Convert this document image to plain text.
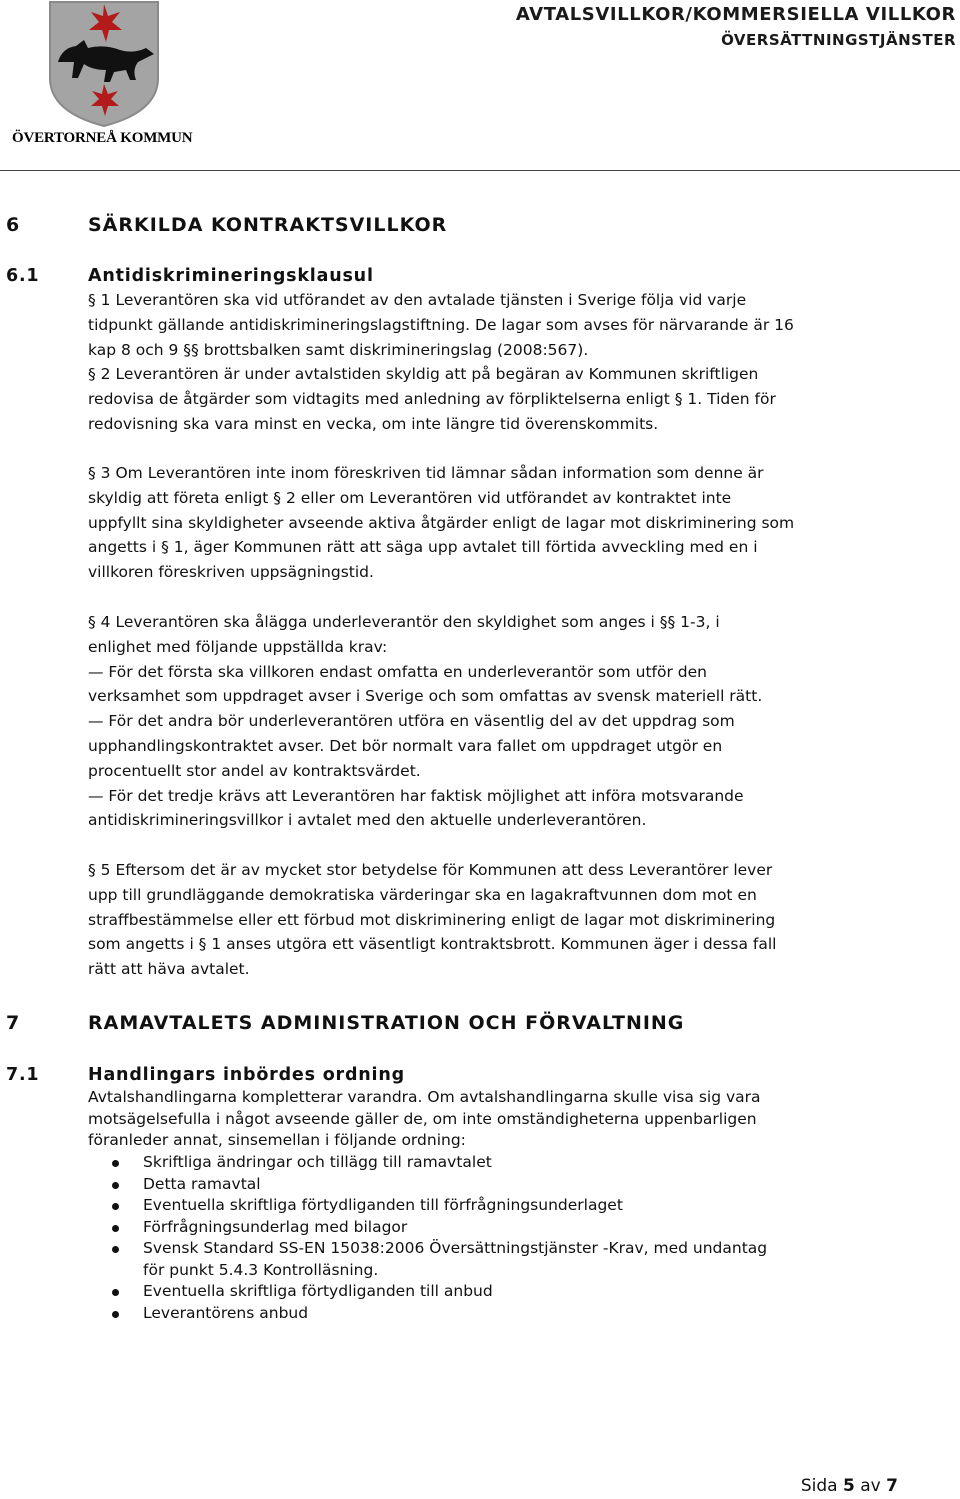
ÖVERTORNEÅ KOMMUN
AVTALSVILLKOR/KOMMERSIELLA VILLKOR
ÖVERSÄTTNINGSTJÄNSTER
6	SÄRKILDA KONTRAKTSVILLKOR
6.1	Antidiskrimineringsklausul
§ 1 Leverantören ska vid utförandet av den avtalade tjänsten i Sverige följa vid varje
tidpunkt gällande antidiskrimineringslagstiftning. De lagar som avses för närvarande är 16
kap 8 och 9 §§ brottsbalken samt diskrimineringslag (2008:567).
§ 2 Leverantören är under avtalstiden skyldig att på begäran av Kommunen skriftligen
redovisa de åtgärder som vidtagits med anledning av förpliktelserna enligt § 1. Tiden för
redovisning ska vara minst en vecka, om inte längre tid överenskommits.
§ 3 Om Leverantören inte inom föreskriven tid lämnar sådan information som denne är
skyldig att företa enligt § 2 eller om Leverantören vid utförandet av kontraktet inte
uppfyllt sina skyldigheter avseende aktiva åtgärder enligt de lagar mot diskriminering som
angetts i § 1, äger Kommunen rätt att säga upp avtalet till förtida avveckling med en i
villkoren föreskriven uppsägningstid.
§ 4 Leverantören ska ålägga underleverantör den skyldighet som anges i §§ 1-3, i
enlighet med följande uppställda krav:
— För det första ska villkoren endast omfatta en underleverantör som utför den
verksamhet som uppdraget avser i Sverige och som omfattas av svensk materiell rätt.
— För det andra bör underleverantören utföra en väsentlig del av det uppdrag som
upphandlingskontraktet avser. Det bör normalt vara fallet om uppdraget utgör en
procentuellt stor andel av kontraktsvärdet.
— För det tredje krävs att Leverantören har faktisk möjlighet att införa motsvarande
antidiskrimineringsvillkor i avtalet med den aktuelle underleverantören.
§ 5 Eftersom det är av mycket stor betydelse för Kommunen att dess Leverantörer lever
upp till grundläggande demokratiska värderingar ska en lagakraftvunnen dom mot en
straffbestämmelse eller ett förbud mot diskriminering enligt de lagar mot diskriminering
som angetts i § 1 anses utgöra ett väsentligt kontraktsbrott. Kommunen äger i dessa fall
rätt att häva avtalet.
7	RAMAVTALETS ADMINISTRATION OCH FÖRVALTNING
7.1	Handlingars inbördes ordning
Avtalshandlingarna kompletterar varandra. Om avtalshandlingarna skulle visa sig vara
motsägelsefulla i något avseende gäller de, om inte omständigheterna uppenbarligen
föranleder annat, sinsemellan i följande ordning:
Skriftliga ändringar och tillägg till ramavtalet
Detta ramavtal
Eventuella skriftliga förtydliganden till förfrågningsunderlaget
Förfrågningsunderlag med bilagor
Svensk Standard SS-EN 15038:2006 Översättningstjänster -Krav, med undantag
för punkt 5.4.3 Kontrolläsning.
Eventuella skriftliga förtydliganden till anbud
Leverantörens anbud
Sida 5 av 7
